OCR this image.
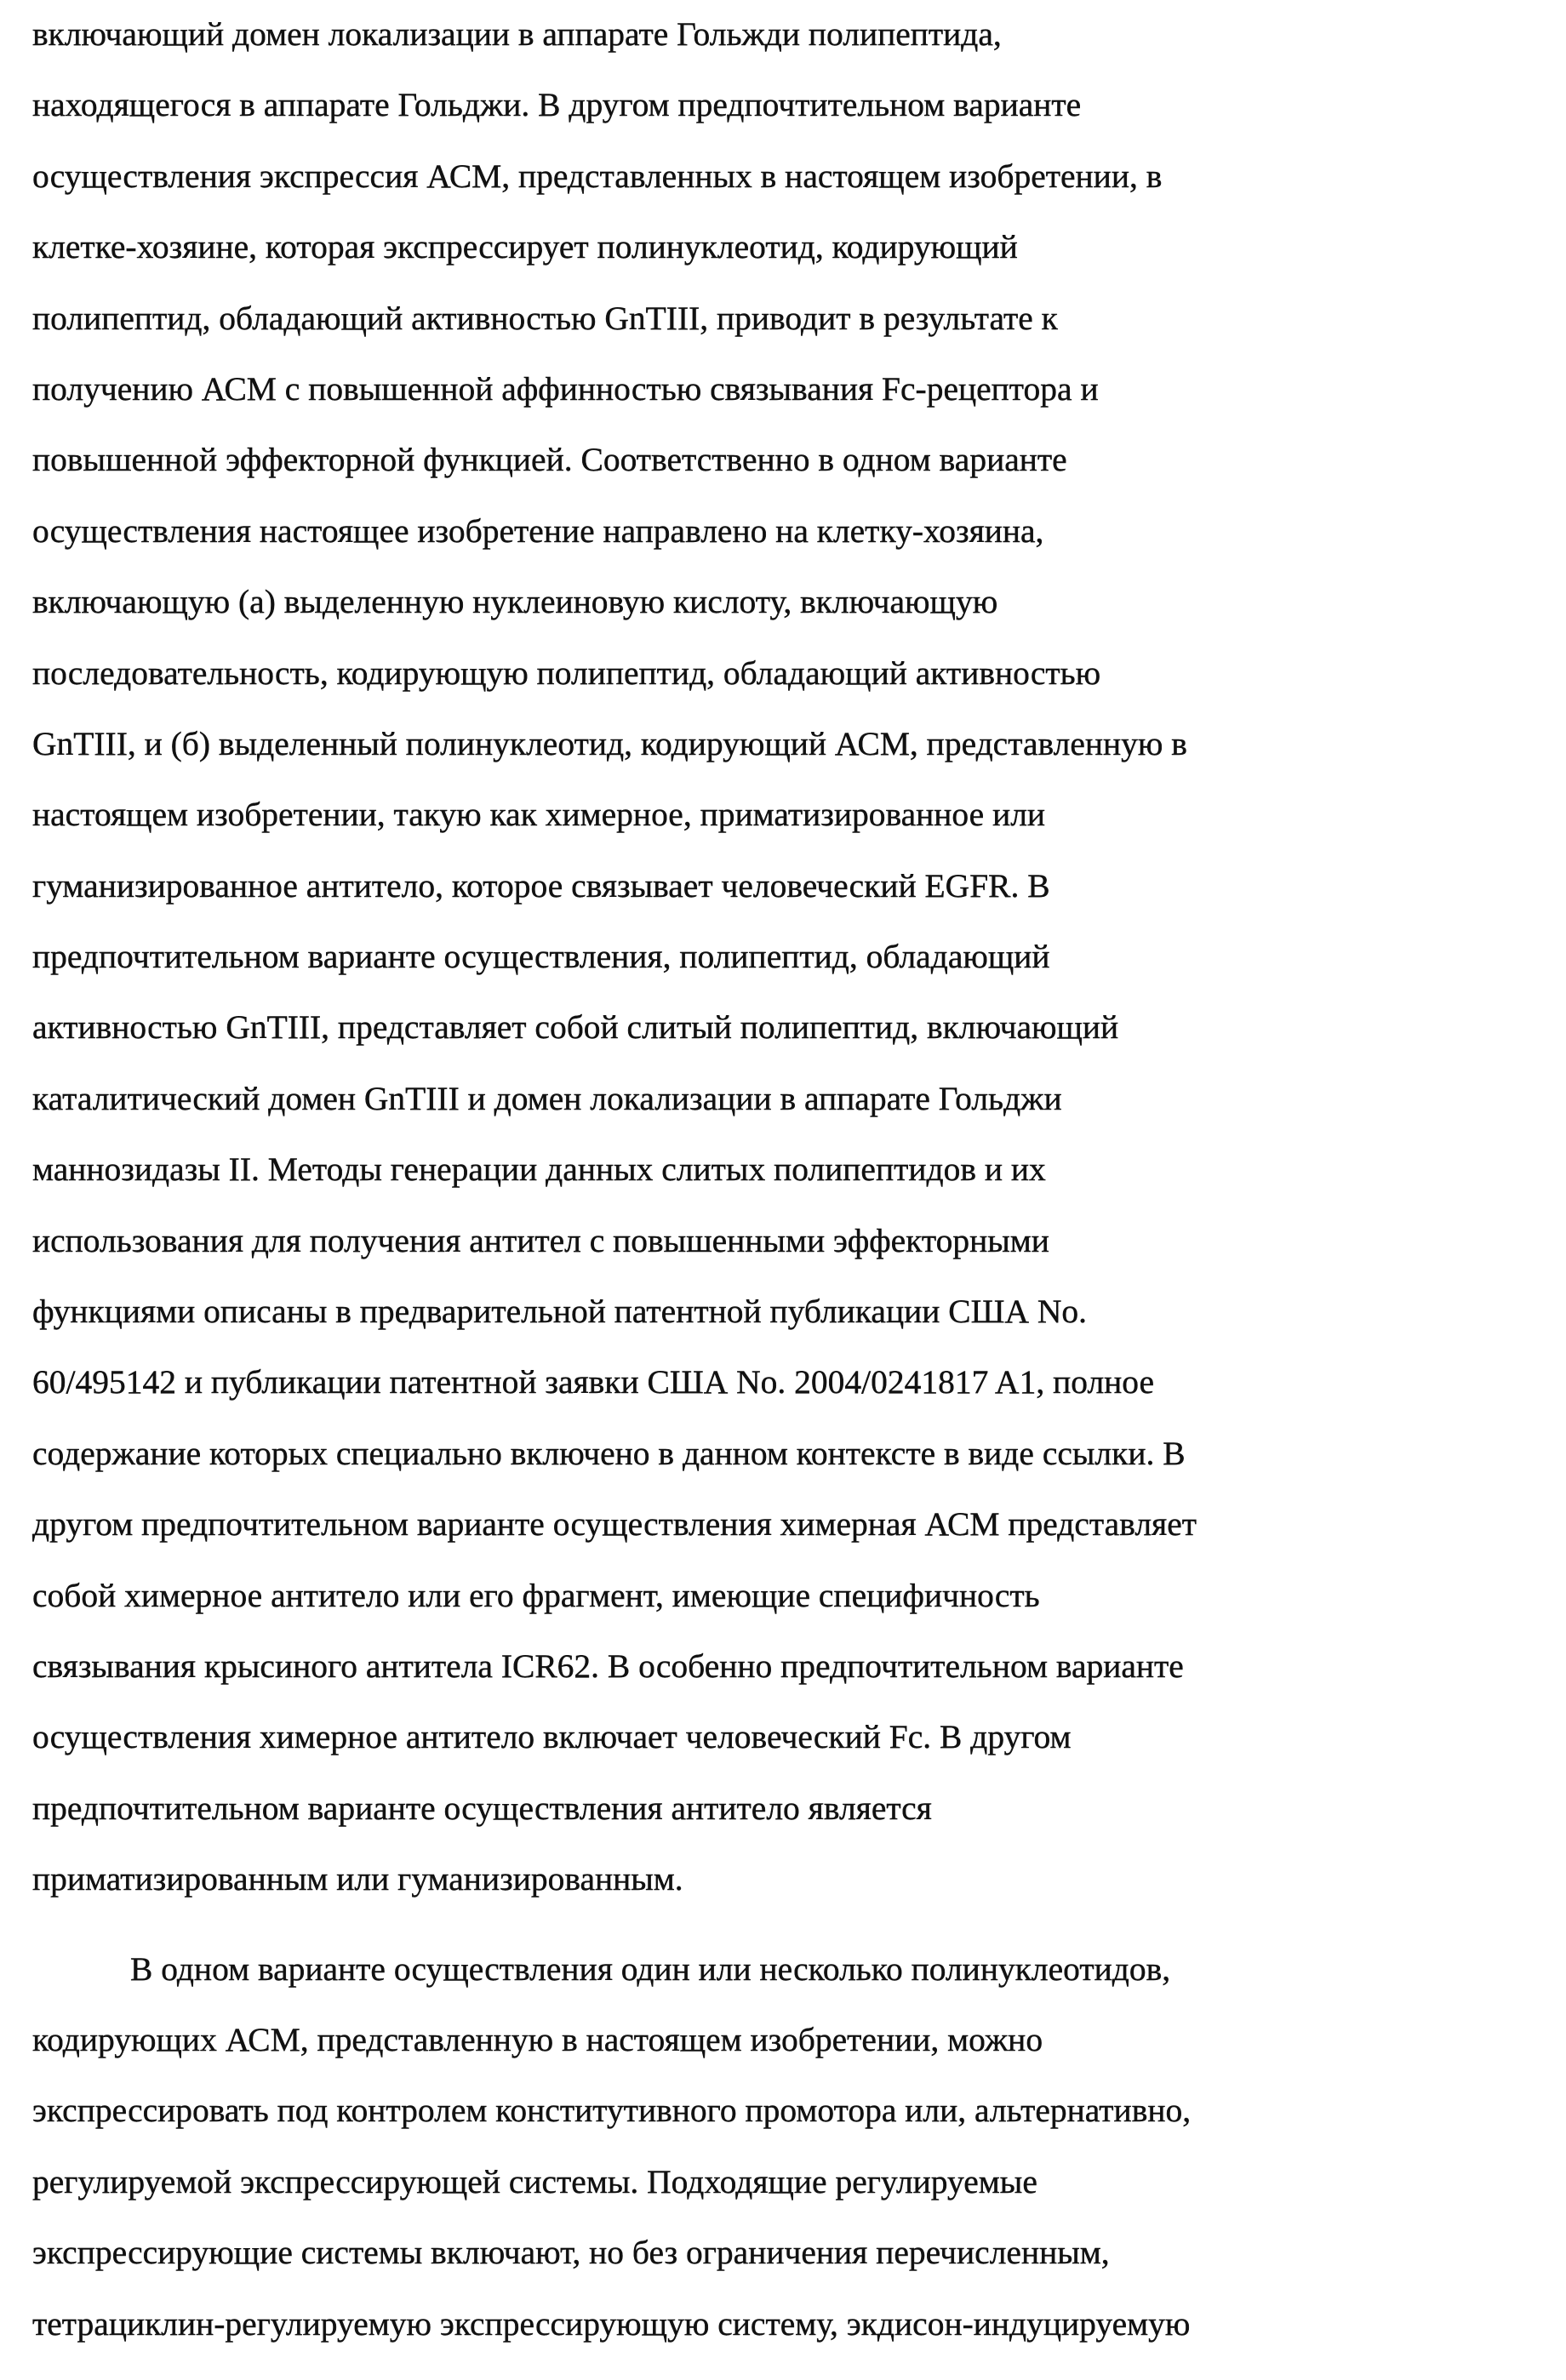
включающий домен локализации в аппарате Гольжди полипептида,
находящегося в аппарате Гольджи. В другом предпочтительном варианте
осуществления экспрессия АСМ, представленных в настоящем изобретении, в
клетке-хозяине, которая экспрессирует полинуклеотид, кодирующий
полипептид, обладающий активностью GnTIII, приводит в результате к
получению АСМ с повышенной аффинностью связывания Fc-рецептора и
повышенной эффекторной функцией. Соответственно в одном варианте
осуществления настоящее изобретение направлено на клетку-хозяина,
включающую (а) выделенную нуклеиновую кислоту, включающую
последовательность, кодирующую полипептид, обладающий активностью
GnTIII, и (б) выделенный полинуклеотид, кодирующий АСМ, представленную в
настоящем изобретении, такую как химерное, приматизированное или
гуманизированное антитело, которое связывает человеческий EGFR. В
предпочтительном варианте осуществления, полипептид, обладающий
активностью GnTIII, представляет собой слитый полипептид, включающий
каталитический домен GnTIII и домен локализации в аппарате Гольджи
маннозидазы II. Методы генерации данных слитых полипептидов и их
использования для получения антител с повышенными эффекторными
функциями описаны в предварительной патентной публикации США No.
60/495142 и публикации патентной заявки США No. 2004/0241817 A1, полное
содержание которых специально включено в данном контексте в виде ссылки. В
другом предпочтительном варианте осуществления химерная АСМ представляет
собой химерное антитело или его фрагмент, имеющие специфичность
связывания крысиного антитела ICR62. В особенно предпочтительном варианте
осуществления химерное антитело включает человеческий Fc. В другом
предпочтительном варианте осуществления антитело является
приматизированным или гуманизированным.
В одном варианте осуществления один или несколько полинуклеотидов,
кодирующих АСМ, представленную в настоящем изобретении, можно
экспрессировать под контролем конститутивного промотора или, альтернативно,
регулируемой экспрессирующей системы. Подходящие регулируемые
экспрессирующие системы включают, но без ограничения перечисленным,
тетрациклин-регулируемую экспрессирующую систему, экдисон-индуцируемую
